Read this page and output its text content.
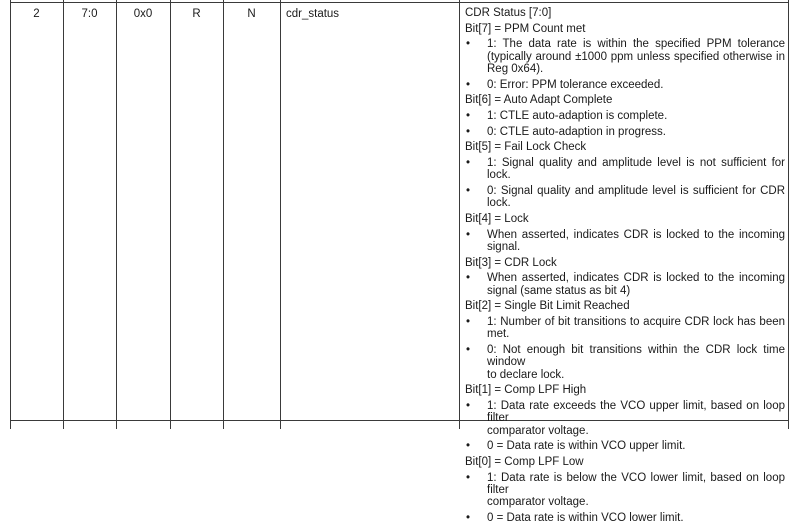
2	7:0	0x0	R	N	cdr_status	CDR Status [7:0]
Bit[7] = PPM Count met
• 1: The data rate is within the specified PPM tolerance
(typically around ±1000 ppm unless specified otherwise in
Reg 0x64).
• 0: Error: PPM tolerance exceeded.
Bit[6] = Auto Adapt Complete
• 1: CTLE auto-adaption is complete.
• 0: CTLE auto-adaption in progress.
Bit[5] = Fail Lock Check
• 1: Signal quality and amplitude level is not sufficient for lock.
• 0: Signal quality and amplitude level is sufficient for CDR lock.
Bit[4] = Lock
• When asserted, indicates CDR is locked to the incoming
signal.
Bit[3] = CDR Lock
• When asserted, indicates CDR is locked to the incoming
signal (same status as bit 4)
Bit[2] = Single Bit Limit Reached
• 1: Number of bit transitions to acquire CDR lock has been
met.
• 0: Not enough bit transitions within the CDR lock time window
to declare lock.
Bit[1] = Comp LPF High
• 1: Data rate exceeds the VCO upper limit, based on loop filter
comparator voltage.
• 0 = Data rate is within VCO upper limit.
Bit[0] = Comp LPF Low
• 1: Data rate is below the VCO lower limit, based on loop filter
comparator voltage.
• 0 = Data rate is within VCO lower limit.
